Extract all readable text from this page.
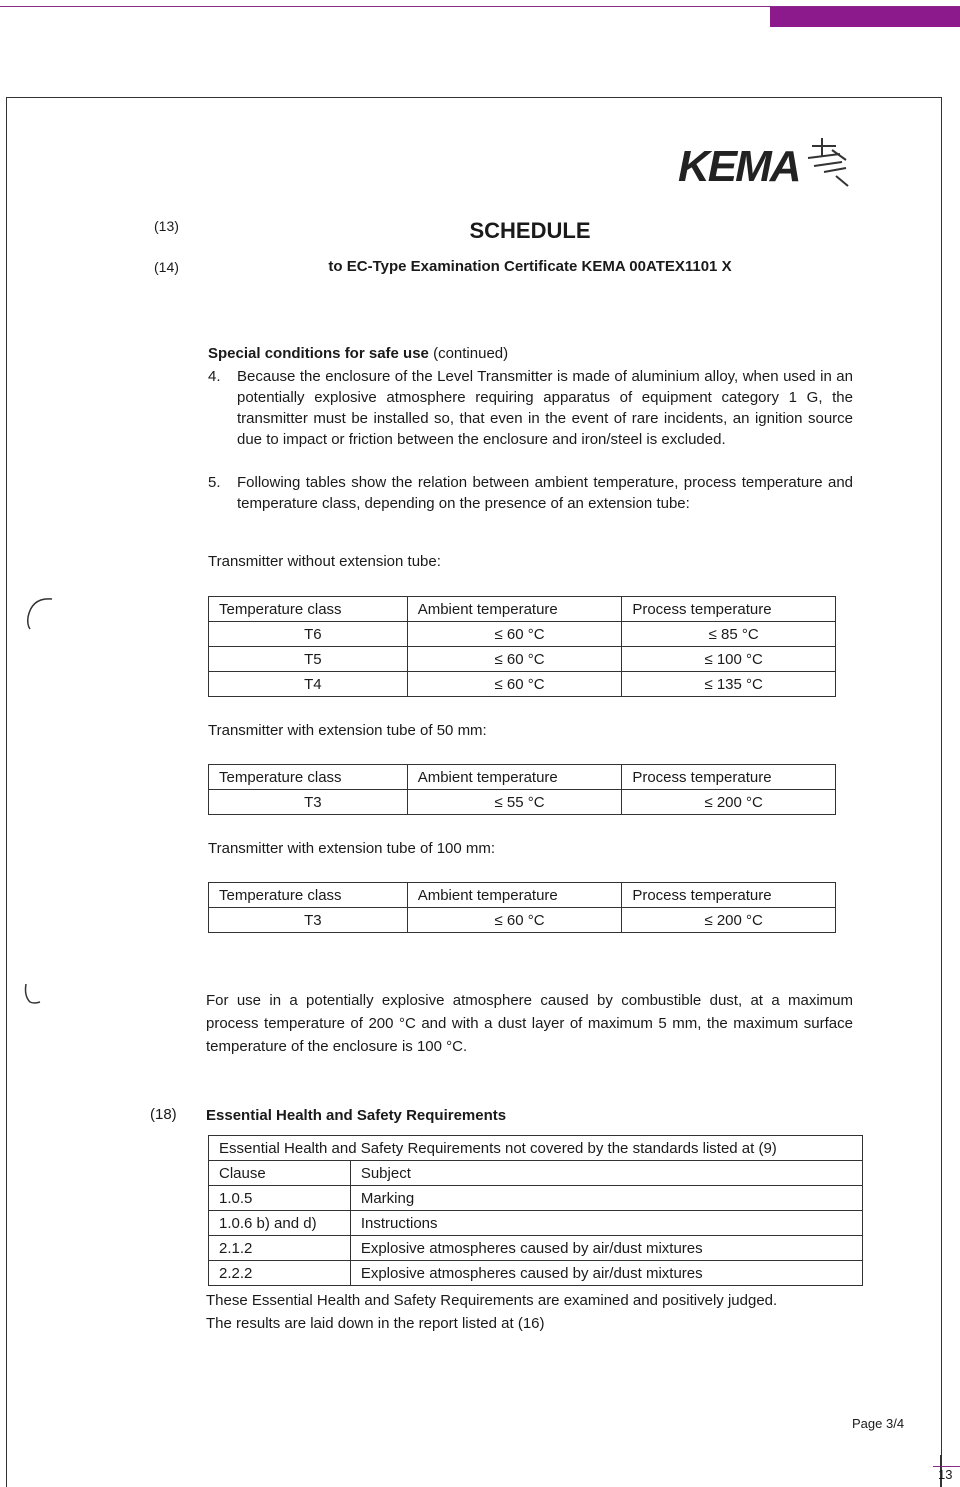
13
KEMA
(13)	SCHEDULE
(14)	to EC-Type Examination Certificate KEMA 00ATEX1101 X
Special conditions for safe use (continued)
4. Because the enclosure of the Level Transmitter is made of aluminium alloy, when used in an potentially explosive atmosphere requiring apparatus of equipment category 1 G, the transmitter must be installed so, that even in the event of rare incidents, an ignition source due to impact or friction between the enclosure and iron/steel is excluded.
5. Following tables show the relation between ambient temperature, process temperature and temperature class, depending on the presence of an extension tube:
Transmitter without extension tube:
Temperature class	Ambient temperature	Process temperature
T6	≤ 60 °C	≤ 85 °C
T5	≤ 60 °C	≤ 100 °C
T4	≤ 60 °C	≤ 135 °C
Transmitter with extension tube of 50 mm:
Temperature class	Ambient temperature	Process temperature
T3	≤ 55 °C	≤ 200 °C
Transmitter with extension tube of 100 mm:
Temperature class	Ambient temperature	Process temperature
T3	≤ 60 °C	≤ 200 °C
For use in a potentially explosive atmosphere caused by combustible dust, at a maximum process temperature of 200 °C and with a dust layer of maximum 5 mm, the maximum surface temperature of the enclosure is 100 °C.
(18) Essential Health and Safety Requirements
Essential Health and Safety Requirements not covered by the standards listed at (9)	
Clause	Subject
1.0.5	Marking
1.0.6 b) and d)	Instructions
2.1.2	Explosive atmospheres caused by air/dust mixtures
2.2.2	Explosive atmospheres caused by air/dust mixtures
These Essential Health and Safety Requirements are examined and positively judged.
The results are laid down in the report listed at (16)
Page 3/4
